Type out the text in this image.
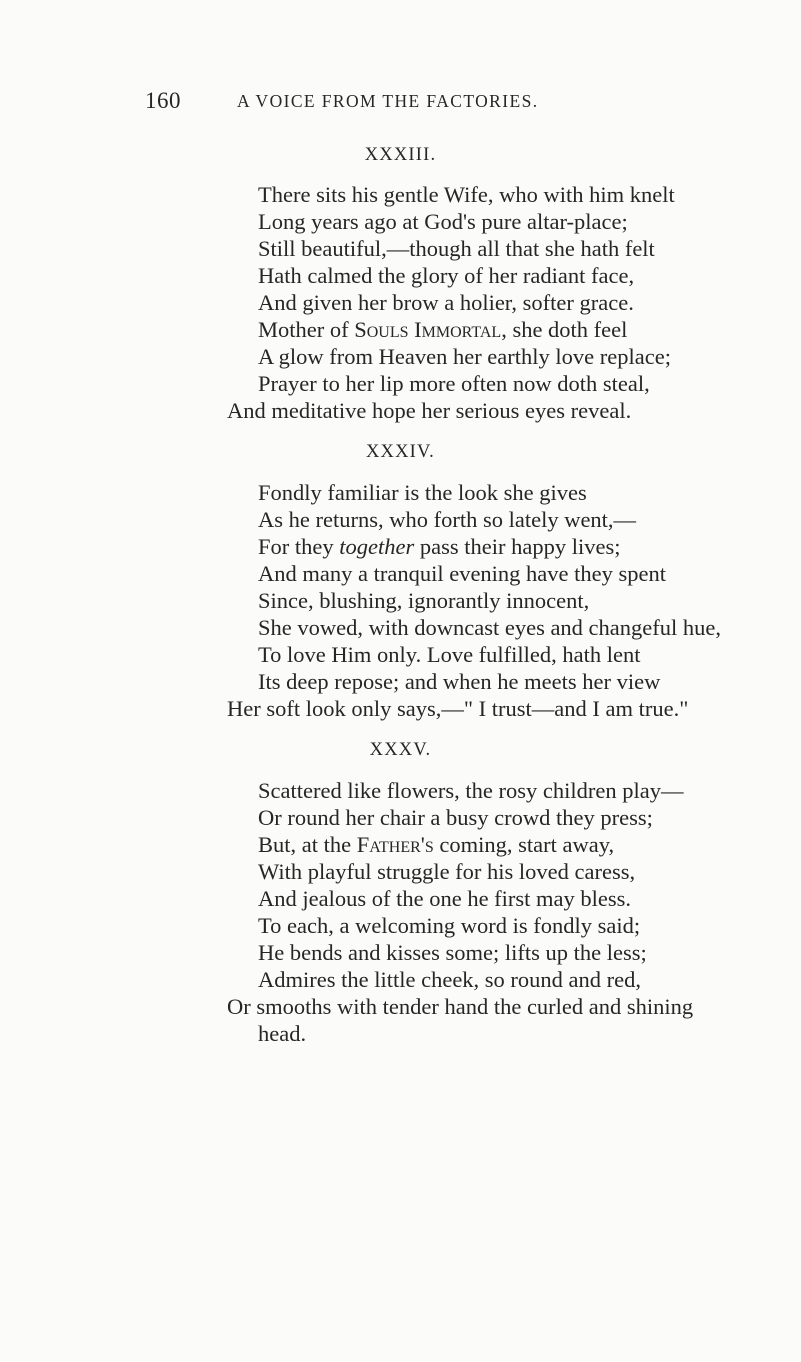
160	A VOICE FROM THE FACTORIES.
XXXIII.
There sits his gentle Wife, who with him knelt
Long years ago at God's pure altar-place;
Still beautiful,—though all that she hath felt
Hath calmed the glory of her radiant face,
And given her brow a holier, softer grace.
Mother of Souls Immortal, she doth feel
A glow from Heaven her earthly love replace;
Prayer to her lip more often now doth steal,
And meditative hope her serious eyes reveal.
XXXIV.
Fondly familiar is the look she gives
As he returns, who forth so lately went,—
For they together pass their happy lives;
And many a tranquil evening have they spent
Since, blushing, ignorantly innocent,
She vowed, with downcast eyes and changeful hue,
To love Him only. Love fulfilled, hath lent
Its deep repose; and when he meets her view
Her soft look only says,—" I trust—and I am true."
XXXV.
Scattered like flowers, the rosy children play—
Or round her chair a busy crowd they press;
But, at the Father's coming, start away,
With playful struggle for his loved caress,
And jealous of the one he first may bless.
To each, a welcoming word is fondly said;
He bends and kisses some; lifts up the less;
Admires the little cheek, so round and red,
Or smooths with tender hand the curled and shining
head.
